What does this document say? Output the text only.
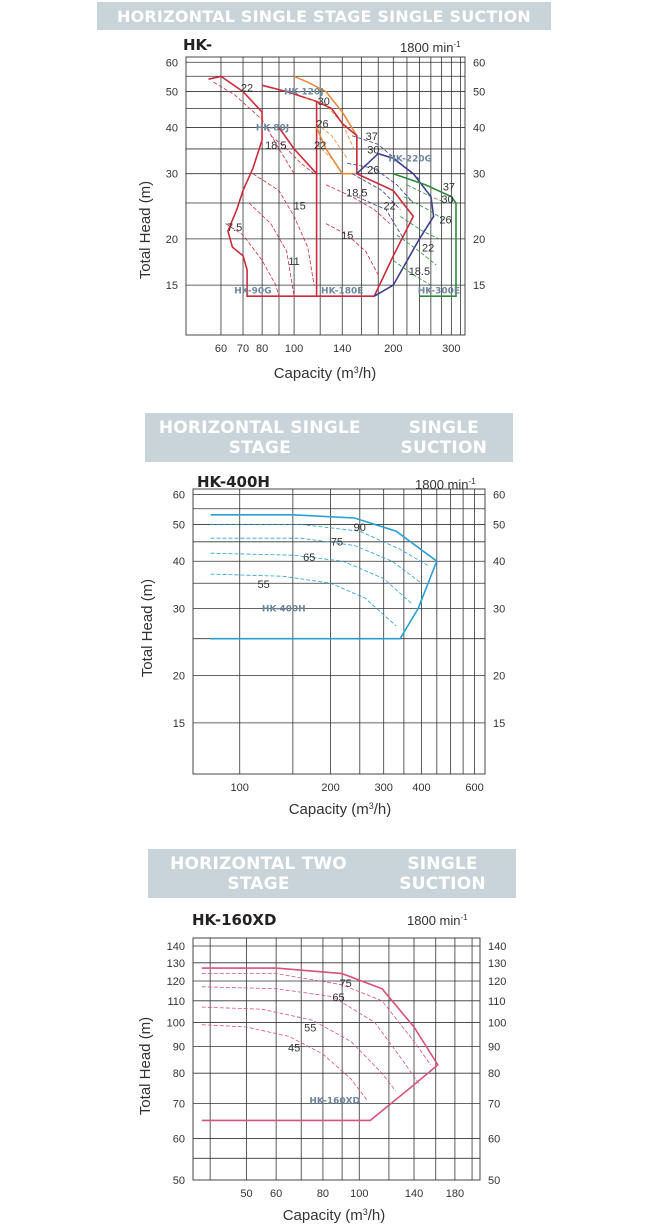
HORIZONTAL SINGLE STAGE SINGLE SUCTION
HORIZONTAL SINGLE STAGE
SINGLE SUCTION
HORIZONTAL TWO STAGE
SINGLE SUCTION
HK-	1800 $\min^{-1}$
22
7.5
HK-90G
18.5
15
11
HK-80J
30
26
22
HK-120J
18.5
15
HK-180E
37
30
26
22
HK-220G
37
30
26
22
18.5
HK-300E
60 70 80 100	140	200	300
15	15
20	20
30	30
40	40
50	50
60	60
Capacity $(m^3/h)$
Total Head (m)
HK-400H	1800 $\min^{-1}$
90
75
65
55
HK-400H
100	200	300 400	600
15	15
20	20
30	30
40	40
50	50
60	60
Capacity $(m^3/h)$
Total Head (m)
HK-160XD	1800 $\min^{-1}$
75
65
55
45
HK-160XD
50 60	80 100	140 180
50	50
60	60
70	70
80	80
90	90
100	100
110	110
120	120
130	130
140	140
Capacity $(m^3/h)$
Total Head (m)
